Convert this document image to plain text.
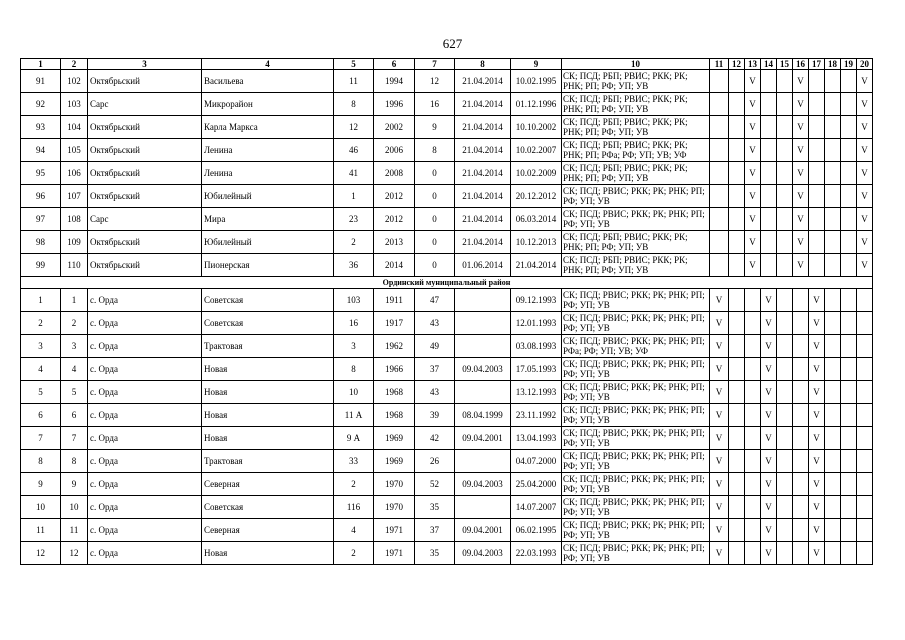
627
1	2	3	4	5	6	7	8	9	10	11	12	13	14	15	16	17	18	19	20
91	102	Октябрьский	Васильева	11	1994	12	21.04.2014	10.02.1995	СК; ПСД; РБП; РВИС; РКК; РК; РНК; РП; РФ; УП; УВ			V			V				V
92	103	Сарс	Микрорайон	8	1996	16	21.04.2014	01.12.1996	СК; ПСД; РБП; РВИС; РКК; РК; РНК; РП; РФ; УП; УВ			V			V				V
93	104	Октябрьский	Карла Маркса	12	2002	9	21.04.2014	10.10.2002	СК; ПСД; РБП; РВИС; РКК; РК; РНК; РП; РФ; УП; УВ			V			V				V
94	105	Октябрьский	Ленина	46	2006	8	21.04.2014	10.02.2007	СК; ПСД; РБП; РВИС; РКК; РК; РНК; РП; РФа; РФ; УП; УВ; УФ			V			V				V
95	106	Октябрьский	Ленина	41	2008	0	21.04.2014	10.02.2009	СК; ПСД; РБП; РВИС; РКК; РК; РНК; РП; РФ; УП; УВ			V			V				V
96	107	Октябрьский	Юбилейный	1	2012	0	21.04.2014	20.12.2012	СК; ПСД; РВИС; РКК; РК; РНК; РП; РФ; УП; УВ			V			V				V
97	108	Сарс	Мира	23	2012	0	21.04.2014	06.03.2014	СК; ПСД; РВИС; РКК; РК; РНК; РП; РФ; УП; УВ			V			V				V
98	109	Октябрьский	Юбилейный	2	2013	0	21.04.2014	10.12.2013	СК; ПСД; РБП; РВИС; РКК; РК; РНК; РП; РФ; УП; УВ			V			V				V
99	110	Октябрьский	Пионерская	36	2014	0	01.06.2014	21.04.2014	СК; ПСД; РБП; РВИС; РКК; РК; РНК; РП; РФ; УП; УВ			V			V				V
Ординский муниципальный район																			
1	1	с. Орда	Советская	103	1911	47		09.12.1993	СК; ПСД; РВИС; РКК; РК; РНК; РП; РФ; УП; УВ	V			V			V			
2	2	с. Орда	Советская	16	1917	43		12.01.1993	СК; ПСД; РВИС; РКК; РК; РНК; РП; РФ; УП; УВ	V			V			V			
3	3	с. Орда	Трактовая	3	1962	49		03.08.1993	СК; ПСД; РВИС; РКК; РК; РНК; РП; РФа; РФ; УП; УВ; УФ	V			V			V			
4	4	с. Орда	Новая	8	1966	37	09.04.2003	17.05.1993	СК; ПСД; РВИС; РКК; РК; РНК; РП; РФ; УП; УВ	V			V			V			
5	5	с. Орда	Новая	10	1968	43		13.12.1993	СК; ПСД; РВИС; РКК; РК; РНК; РП; РФ; УП; УВ	V			V			V			
6	6	с. Орда	Новая	11 А	1968	39	08.04.1999	23.11.1992	СК; ПСД; РВИС; РКК; РК; РНК; РП; РФ; УП; УВ	V			V			V			
7	7	с. Орда	Новая	9 А	1969	42	09.04.2001	13.04.1993	СК; ПСД; РВИС; РКК; РК; РНК; РП; РФ; УП; УВ	V			V			V			
8	8	с. Орда	Трактовая	33	1969	26		04.07.2000	СК; ПСД; РВИС; РКК; РК; РНК; РП; РФ; УП; УВ	V			V			V			
9	9	с. Орда	Северная	2	1970	52	09.04.2003	25.04.2000	СК; ПСД; РВИС; РКК; РК; РНК; РП; РФ; УП; УВ	V			V			V			
10	10	с. Орда	Советская	116	1970	35		14.07.2007	СК; ПСД; РВИС; РКК; РК; РНК; РП; РФ; УП; УВ	V			V			V			
11	11	с. Орда	Северная	4	1971	37	09.04.2001	06.02.1995	СК; ПСД; РВИС; РКК; РК; РНК; РП; РФ; УП; УВ	V			V			V			
12	12	с. Орда	Новая	2	1971	35	09.04.2003	22.03.1993	СК; ПСД; РВИС; РКК; РК; РНК; РП; РФ; УП; УВ	V			V			V			
